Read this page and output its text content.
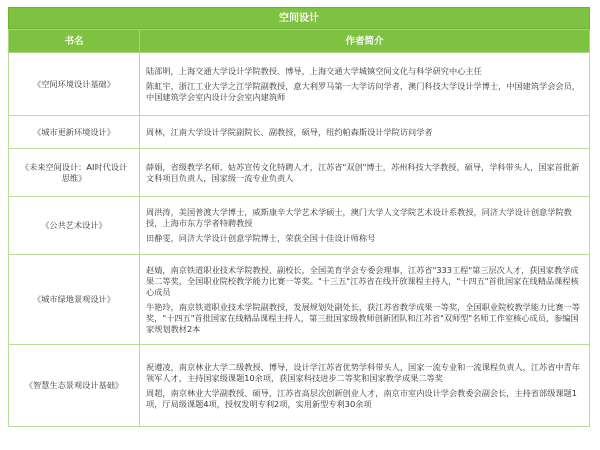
空间设计
书名	作者简介
《空间环境设计基础》	陆邵明，上海交通大学设计学院教授、博导，上海交通大学城镇空间文化与科学研究中心主任

陈虹宇，浙江工业大学之江学院副教授，意大利罗马第一大学访问学者，澳门科技大学设计学博士，中国建筑学会会员，中国建筑学会室内设计分会室内建筑师

《城市更新环境设计》	周林，江南大学设计学院副院长、副教授，硕导，纽约帕森斯设计学院访问学者

《未来空间设计：AI时代设计思维》	薛娟，省级教学名师，姑苏宣传文化特聘人才，江苏省"双创"博士，苏州科技大学教授，硕导，学科带头人，国家首批新文科项目负责人，国家级一流专业负责人

《公共艺术设计》	周洪涛，美国普渡大学博士，威斯康辛大学艺术学硕士，澳门大学人文学院艺术设计系教授，同济大学设计创意学院教授，上海市东方学者特聘教授

田静雯，同济大学设计创意学院博士，荣获全国十佳设计师称号

《城市绿地景观设计》	赵婧，南京铁道职业技术学院教授、副校长，全国美育学会专委会理事，江苏省"333工程"第三层次人才，获国家教学成果二等奖，全国职业院校教学能力比赛一等奖。"十三五"江苏省在线开放课程主持人，"十四五"首批国家在线精品课程核心成员

牛艳玲，南京铁道职业技术学院副教授，发展规划处副处长，获江苏省教学成果一等奖，全国职业院校教学能力比赛一等奖，"十四五"首批国家在线精品课程主持人，第三批国家级教师创新团队和江苏省"双师型"名师工作室核心成员，参编国家规划教材2本

《智慧生态景观设计基础》	祝遵凌，南京林业大学二级教授、博导，设计学江苏省优势学科带头人，国家一流专业和一流课程负责人，江苏省中青年领军人才，主持国家级课题10余项，获国家科技进步二等奖和国家教学成果二等奖

周超，南京林业大学副教授、硕导，江苏省高层次创新创业人才，南京市室内设计学会教委会副会长，主持省部级课题1项，厅局级课题4项，授权发明专利2项，实用新型专利30余项
